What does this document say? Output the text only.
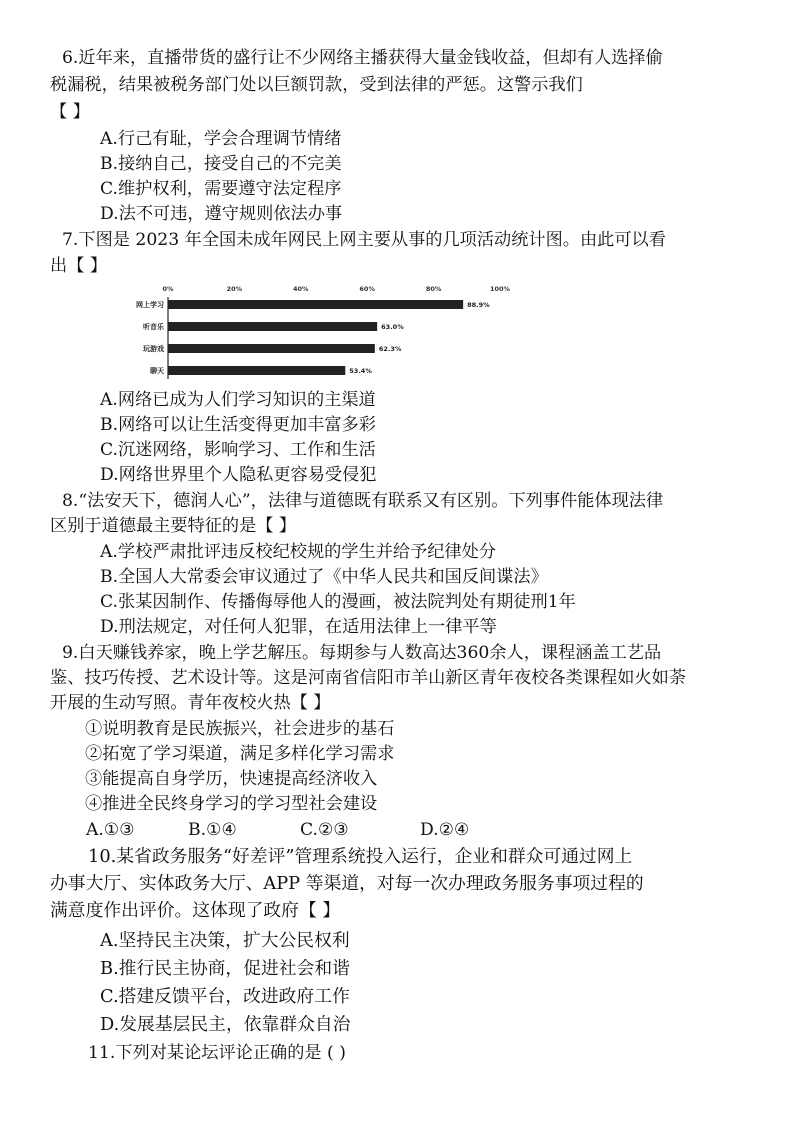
6.近年来，直播带货的盛行让不少网络主播获得大量金钱收益，但却有人选择偷
税漏税，结果被税务部门处以巨额罚款，受到法律的严惩。这警示我们
【 】
A.行己有耻，学会合理调节情绪
B.接纳自己，接受自己的不完美
C.维护权利，需要遵守法定程序
D.法不可违，遵守规则依法办事
7.下图是 2023 年全国未成年网民上网主要从事的几项活动统计图。由此可以看
出【 】
0%	20%	40%	60%	80%	100%
网上学习	88.9%
听音乐	63.0%
玩游戏	62.3%
聊天	53.4%
A.网络已成为人们学习知识的主渠道
B.网络可以让生活变得更加丰富多彩
C.沉迷网络，影响学习、工作和生活
D.网络世界里个人隐私更容易受侵犯
8.“法安天下，德润人心”，法律与道德既有联系又有区别。下列事件能体现法律
区别于道德最主要特征的是【 】
A.学校严肃批评违反校纪校规的学生并给予纪律处分
B.全国人大常委会审议通过了《中华人民共和国反间谍法》
C.张某因制作、传播侮辱他人的漫画，被法院判处有期徒刑1年
D.刑法规定，对任何人犯罪，在适用法律上一律平等
9.白天赚钱养家，晚上学艺解压。每期参与人数高达360余人，课程涵盖工艺品
鉴、技巧传授、艺术设计等。这是河南省信阳市羊山新区青年夜校各类课程如火如荼
开展的生动写照。青年夜校火热【 】
①说明教育是民族振兴，社会进步的基石
②拓宽了学习渠道，满足多样化学习需求
③能提高自身学历，快速提高经济收入
④推进全民终身学习的学习型社会建设
A.①③	B.①④	C.②③	D.②④
10.某省政务服务“好差评”管理系统投入运行，企业和群众可通过网上
办事大厅、实体政务大厅、APP 等渠道，对每一次办理政务服务事项过程的
满意度作出评价。这体现了政府【 】
A.坚持民主决策，扩大公民权利
B.推行民主协商，促进社会和谐
C.搭建反馈平台，改进政府工作
D.发展基层民主，依靠群众自治
11.下列对某论坛评论正确的是 ( )
